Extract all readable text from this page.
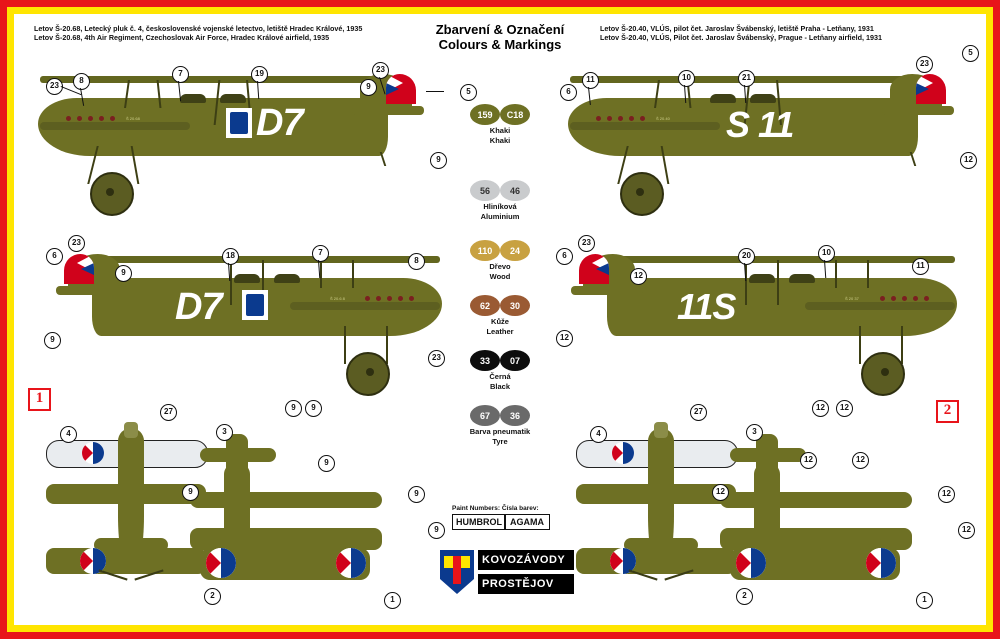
Letov Š-20.68, Letecký pluk č. 4, československé vojenské letectvo, letiště Hradec Králové, 1935
Letov Š-20.68, 4th Air Regiment, Czechoslovak Air Force, Hradec Králové airfield, 1935
Letov Š-20.40, VLÚS, pilot čet. Jaroslav Švábenský, letiště Praha - Letňany, 1931
Letov Š-20.40, VLÚS, Pilot čet. Jaroslav Švábenský, Prague - Letňany airfield, 1931
Zbarvení & Označení
Colours & Markings
Š 20.68	D7
23
8
7	19	23
9
5
9
Š 20.40 S 11
11	10	21
23
5
6
12
D7	Š 20.6 8
6
23
9
18	7
8
9
23
11S	Š 20 37
6
23
12
20	10
11
12
159	C18
Khaki
Khaki
56	46
Hliníková
Aluminium
110	24
Dřevo
Wood
62	30
Kůže
Leather
33	07
Černá
Black
67	36
Barva pneumatik
Tyre
Paint Numbers: Čísla barev:
HUMBROL AGAMA
1
2
4
27
3
9	9
9
9	9
9
2	1
4
27
3
12	12
12	12
12	12
12
2	1
KOVOZÁVODY
PROSTĚJOV
